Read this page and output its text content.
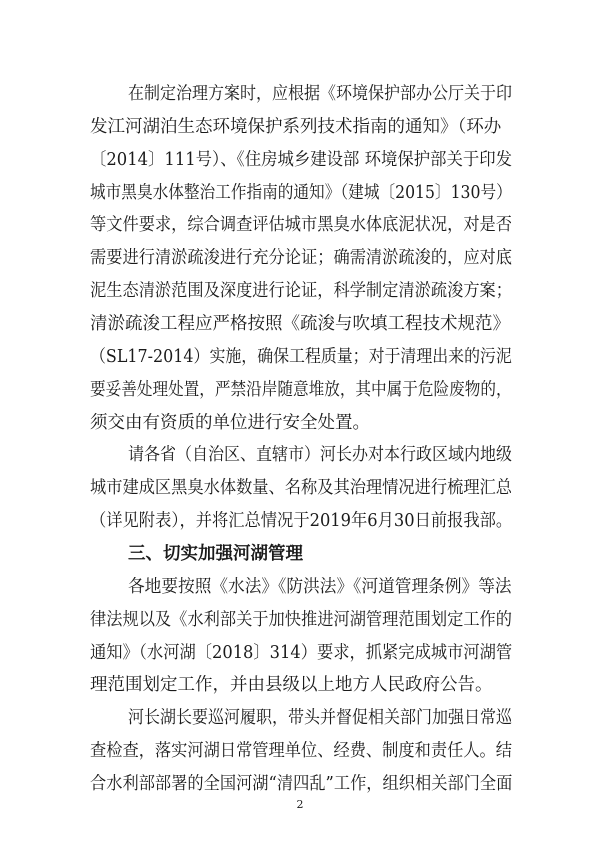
2
在制定治理方案时，应根据《环境保护部办公厅关于印
发江河湖泊生态环境保护系列技术指南的通知》（环办
〔2014〕111号）、《住房城乡建设部 环境保护部关于印发
城市黑臭水体整治工作指南的通知》（建城〔2015〕130号）
等文件要求，综合调查评估城市黑臭水体底泥状况，对是否
需要进行清淤疏浚进行充分论证；确需清淤疏浚的，应对底
泥生态清淤范围及深度进行论证，科学制定清淤疏浚方案；
清淤疏浚工程应严格按照《疏浚与吹填工程技术规范》
（SL17-2014）实施，确保工程质量；对于清理出来的污泥
要妥善处理处置，严禁沿岸随意堆放，其中属于危险废物的，
须交由有资质的单位进行安全处置。
请各省（自治区、直辖市）河长办对本行政区域内地级
城市建成区黑臭水体数量、名称及其治理情况进行梳理汇总
（详见附表），并将汇总情况于2019年6月30日前报我部。
三、切实加强河湖管理
各地要按照《水法》《防洪法》《河道管理条例》等法
律法规以及《水利部关于加快推进河湖管理范围划定工作的
通知》（水河湖〔2018〕314）要求，抓紧完成城市河湖管
理范围划定工作，并由县级以上地方人民政府公告。
河长湖长要巡河履职，带头并督促相关部门加强日常巡
查检查，落实河湖日常管理单位、经费、制度和责任人。结
合水利部部署的全国河湖“清四乱”工作，组织相关部门全面
